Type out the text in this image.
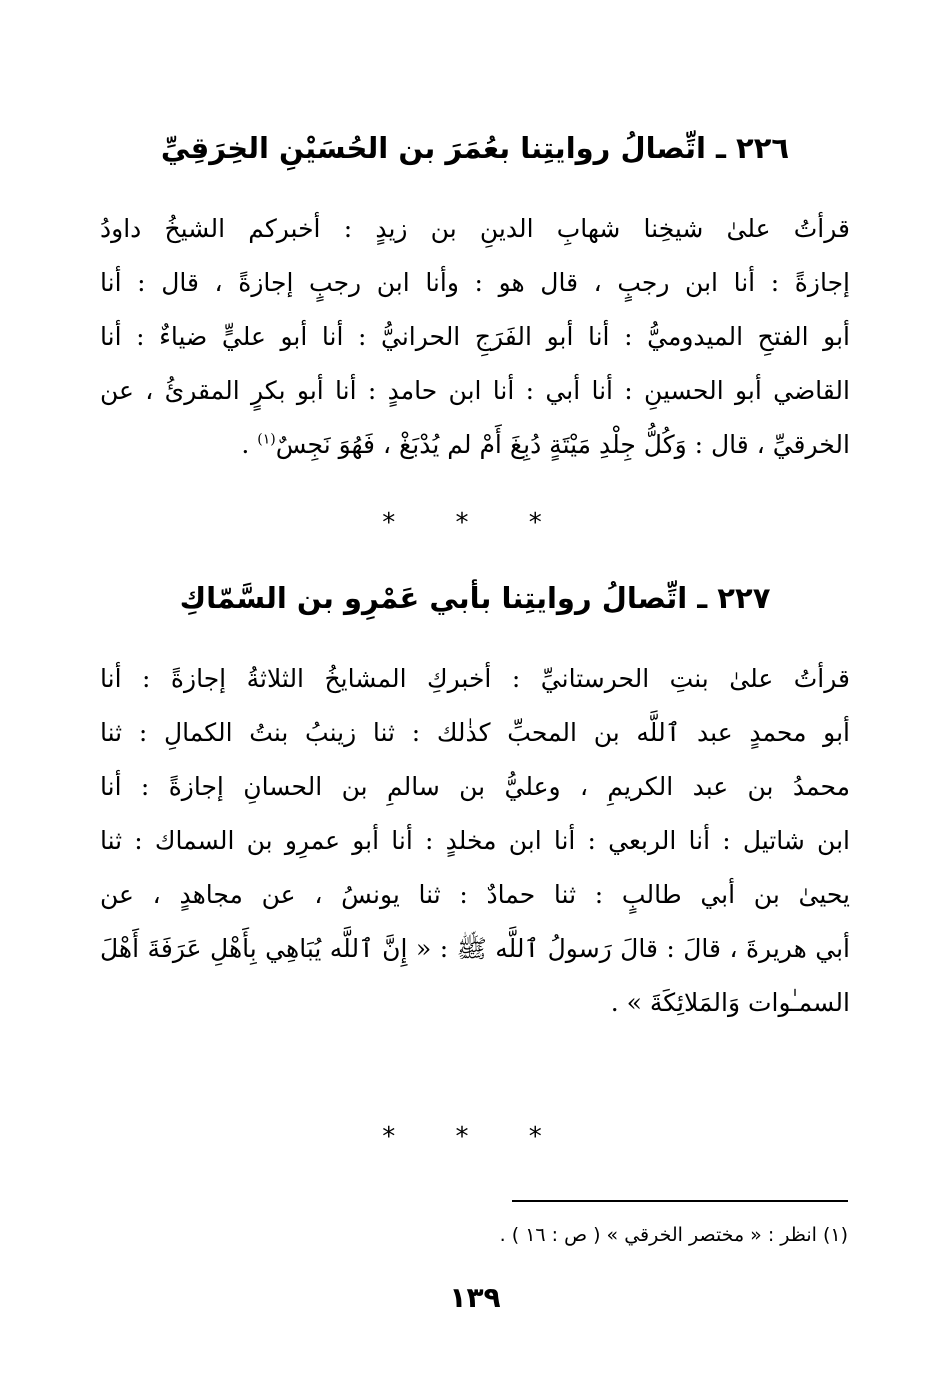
٢٢٦ ـ اتِّصالُ روايتِنا بعُمَرَ بن الحُسَيْنِ الخِرَقِيِّ
قرأتُ علىٰ شيخِنا شهابِ الدينِ بن زيدٍ : أخبركم الشيخُ داودُ
إجازةً : أنا ابن رجبٍ ، قال هو : وأنا ابن رجبٍ إجازةً ، قال : أنا
أبو الفتحِ الميدوميُّ : أنا أبو الفَرَجِ الحرانيُّ : أنا أبو عليٍّ ضياءٌ : أنا
القاضي أبو الحسينِ : أنا أبي : أنا ابن حامدٍ : أنا أبو بكرٍ المقرئُ ، عن
الخرقيِّ ، قال : وَكُلُّ جِلْدِ مَيْتَةٍ دُبِغَ أَمْ لم يُدْبَغْ ، فَهُوَ نَجِسٌ$^{(١)}$ .
* * *
٢٢٧ ـ اتِّصالُ روايتِنا بأبي عَمْرِو بن السَّمّاكِ
قرأتُ علىٰ بنتِ الحرستانيِّ : أخبركِ المشايخُ الثلاثةُ إجازةً : أنا
أبو محمدٍ عبد ٱللَّه بن المحبِّ كذٰلك : ثنا زينبُ بنتُ الكمالِ : ثنا
محمدُ بن عبد الكريمِ ، وعليُّ بن سالمِ بن الحسانِ إجازةً : أنا
ابن شاتيل : أنا الربعي : أنا ابن مخلدٍ : أنا أبو عمرِو بن السماك : ثنا
يحيىٰ بن أبي طالبٍ : ثنا حمادٌ : ثنا يونسُ ، عن مجاهدٍ ، عن
أبي هريرةَ ، قالَ : قالَ رَسولُ ٱللَّه ﷺ : « إِنَّ ٱللَّه يُبَاهِي بِأَهْلِ عَرَفَةَ أَهْلَ
السمـٰوات وَالمَلائِكَةَ » .
* * *
(١) انظر : « مختصر الخرقي » ( ص : ١٦ ) .
١٣٩
